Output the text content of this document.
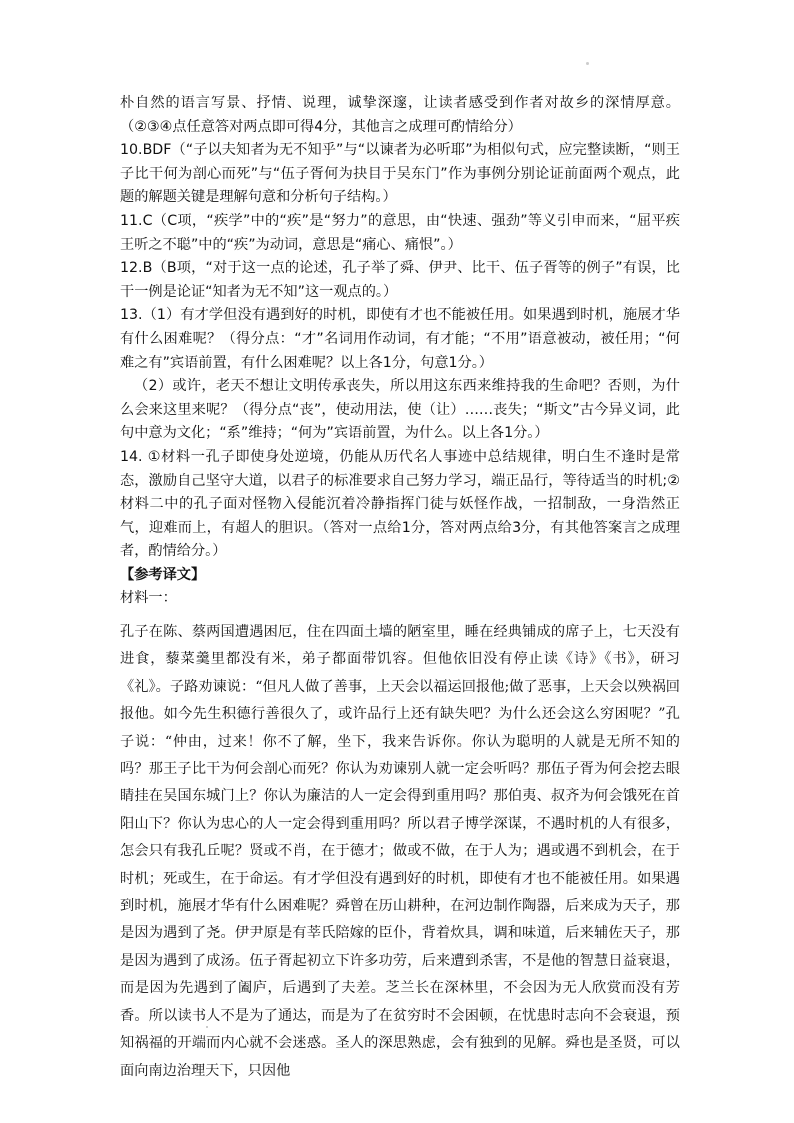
朴自然的语言写景、抒情、说理，诚挚深邃，让读者感受到作者对故乡的深情厚意。（②③④点任意答对两点即可得4分，其他言之成理可酌情给分）

10.BDF（“子以夫知者为无不知乎”与“以谏者为必听耶”为相似句式，应完整读断，“则王子比干何为剖心而死”与“伍子胥何为抉目于吴东门”作为事例分别论证前面两个观点，此题的解题关键是理解句意和分析句子结构。）

11.C（C项，“疾学”中的“疾”是“努力”的意思，由“快速、强劲”等义引申而来，“屈平疾王听之不聪”中的“疾”为动词，意思是“痛心、痛恨”。）

12.B（B项，“对于这一点的论述，孔子举了舜、伊尹、比干、伍子胥等的例子”有误，比干一例是论证“知者为无不知”这一观点的。）

13.（1）有才学但没有遇到好的时机，即使有才也不能被任用。如果遇到时机，施展才华有什么困难呢？（得分点：“才”名词用作动词，有才能；“不用”语意被动，被任用；“何难之有”宾语前置，有什么困难呢？以上各1分，句意1分。）

（2）或许，老天不想让文明传承丧失，所以用这东西来维持我的生命吧？否则，为什么会来这里来呢？（得分点“丧”，使动用法，使（让）……丧失；“斯文”古今异义词，此句中意为文化；“系”维持；“何为”宾语前置，为什么。以上各1分。）

14. ①材料一孔子即使身处逆境，仍能从历代名人事迹中总结规律，明白生不逢时是常态，激励自己坚守大道，以君子的标准要求自己努力学习，端正品行，等待适当的时机;②材料二中的孔子面对怪物入侵能沉着冷静指挥门徒与妖怪作战，一招制敌，一身浩然正气，迎难而上，有超人的胆识。（答对一点给1分，答对两点给3分，有其他答案言之成理者，酌情给分。）

【参考译文】

材料一：

孔子在陈、蔡两国遭遇困厄，住在四面土墙的陋室里，睡在经典铺成的席子上，七天没有进食，藜菜羹里都没有米，弟子都面带饥容。但他依旧没有停止读《诗》《书》，研习《礼》。子路劝谏说：“但凡人做了善事，上天会以福运回报他;做了恶事，上天会以殃祸回报他。如今先生积德行善很久了，或许品行上还有缺失吧？为什么还会这么穷困呢？”孔子说：“仲由，过来！你不了解，坐下，我来告诉你。你认为聪明的人就是无所不知的吗？那王子比干为何会剖心而死？你认为劝谏别人就一定会听吗？那伍子胥为何会挖去眼睛挂在吴国东城门上？你认为廉洁的人一定会得到重用吗？那伯夷、叔齐为何会饿死在首阳山下？你认为忠心的人一定会得到重用吗？所以君子博学深谋，不遇时机的人有很多，怎会只有我孔丘呢？贤或不肖，在于德才；做或不做，在于人为；遇或遇不到机会，在于时机；死或生，在于命运。有才学但没有遇到好的时机，即使有才也不能被任用。如果遇到时机，施展才华有什么困难呢？舜曾在历山耕种，在河边制作陶器，后来成为天子，那是因为遇到了尧。伊尹原是有莘氏陪嫁的臣仆，背着炊具，调和味道，后来辅佐天子，那是因为遇到了成汤。伍子胥起初立下许多功劳，后来遭到杀害，不是他的智慧日益衰退，而是因为先遇到了阖庐，后遇到了夫差。芝兰长在深林里，不会因为无人欣赏而没有芳香。所以读书人不是为了通达，而是为了在贫穷时不会困顿，在忧患时志向不会衰退，预知祸福的开端而内心就不会迷惑。圣人的深思熟虑，会有独到的见解。舜也是圣贤，可以面向南边治理天下，只因他
